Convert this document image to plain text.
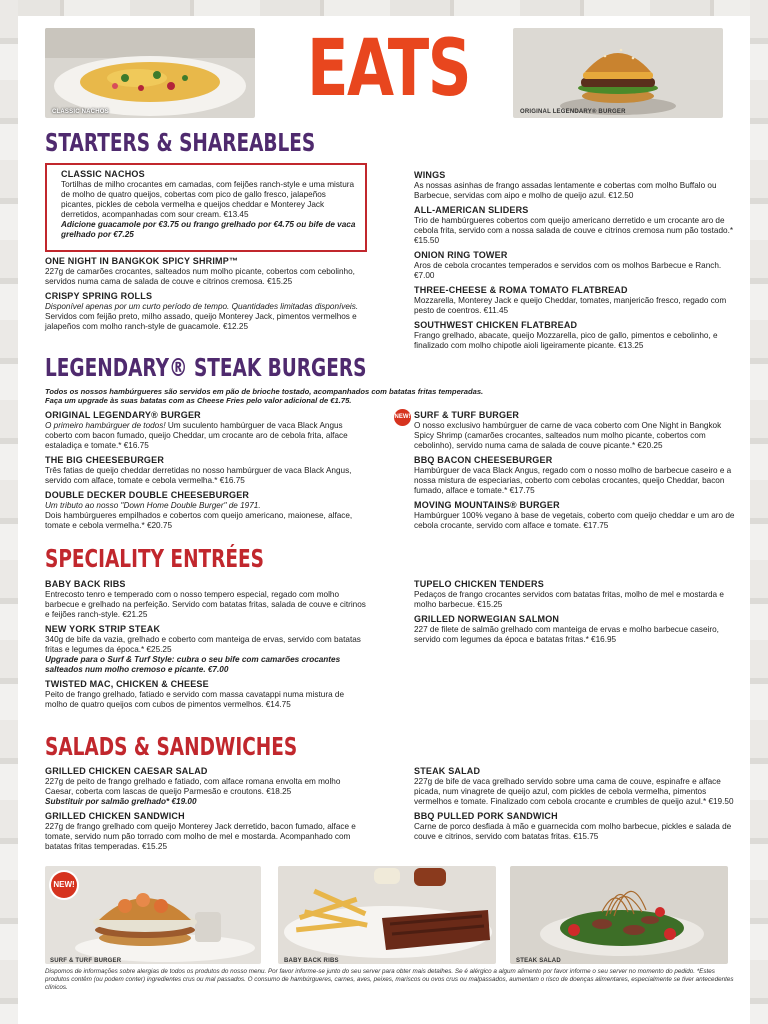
CLASSIC NACHOS	ORIGINAL LEGENDARY® BURGER
EATS
STARTERS & SHAREABLES
CLASSIC NACHOS
Tortilhas de milho crocantes em camadas, com feijões ranch-style e uma mistura de molho de quatro queijos, cobertas com pico de gallo fresco, jalapeños picantes, pickles de cebola vermelha e queijos cheddar e Monterey Jack derretidos, acompanhadas com sour cream. €13.45
Adicione guacamole por €3.75 ou frango grelhado por €4.75 ou bife de vaca grelhado por €7.25
ONE NIGHT IN BANGKOK SPICY SHRIMP™
227g de camarões crocantes, salteados num molho picante, cobertos com cebolinho, servidos numa cama de salada de couve e citrinos cremosa. €15.25
CRISPY SPRING ROLLS
Disponível apenas por um curto período de tempo. Quantidades limitadas disponíveis.
Servidos com feijão preto, milho assado, queijo Monterey Jack, pimentos vermelhos e jalapeños com molho ranch-style de guacamole. €12.25
WINGS
As nossas asinhas de frango assadas lentamente e cobertas com molho Buffalo ou Barbecue, servidas com aipo e molho de queijo azul. €12.50
ALL-AMERICAN SLIDERS
Trio de hambúrgueres cobertos com queijo americano derretido e um crocante aro de cebola frita, servido com a nossa salada de couve e citrinos cremosa num pão tostado.* €15.50
ONION RING TOWER
Aros de cebola crocantes temperados e servidos com os molhos Barbecue e Ranch. €7.00
THREE-CHEESE & ROMA TOMATO FLATBREAD
Mozzarella, Monterey Jack e queijo Cheddar, tomates, manjericão fresco, regado com pesto de coentros. €11.45
SOUTHWEST CHICKEN FLATBREAD
Frango grelhado, abacate, queijo Mozzarella, pico de gallo, pimentos e cebolinho, e finalizado com molho chipotle aioli ligeiramente picante. €13.25
LEGENDARY® STEAK BURGERS
Todos os nossos hambúrgueres são servidos em pão de brioche tostado, acompanhados com batatas fritas temperadas.
Faça um upgrade às suas batatas com as Cheese Fries pelo valor adicional de €1.75.
ORIGINAL LEGENDARY® BURGER
O primeiro hambúrguer de todos! Um suculento hambúrguer de vaca Black Angus coberto com bacon fumado, queijo Cheddar, um crocante aro de cebola frita, alface estaladiça e tomate.* €16.75
THE BIG CHEESEBURGER
Três fatias de queijo cheddar derretidas no nosso hambúrguer de vaca Black Angus, servido com alface, tomate e cebola vermelha.* €16.75
DOUBLE DECKER DOUBLE CHEESEBURGER
Um tributo ao nosso "Down Home Double Burger" de 1971.
Dois hambúrgueres empilhados e cobertos com queijo americano, maionese, alface, tomate e cebola vermelha.* €20.75
NEW! SURF & TURF BURGER
O nosso exclusivo hambúrguer de carne de vaca coberto com One Night in Bangkok Spicy Shrimp (camarões crocantes, salteados num molho picante, cobertos com cebolinho), servido numa cama de salada de couve picante.* €20.25
BBQ BACON CHEESEBURGER
Hambúrguer de vaca Black Angus, regado com o nosso molho de barbecue caseiro e a nossa mistura de especiarias, coberto com cebolas crocantes, queijo Cheddar, bacon fumado, alface e tomate.* €17.75
MOVING MOUNTAINS® BURGER
Hambúrguer 100% vegano à base de vegetais, coberto com queijo cheddar e um aro de cebola crocante, servido com alface e tomate. €17.75
SPECIALITY ENTRÉES
BABY BACK RIBS
Entrecosto tenro e temperado com o nosso tempero especial, regado com molho barbecue e grelhado na perfeição. Servido com batatas fritas, salada de couve e citrinos e feijões ranch-style. €21.25
NEW YORK STRIP STEAK
340g de bife da vazia, grelhado e coberto com manteiga de ervas, servido com batatas fritas e legumes da época.* €25.25
Upgrade para o Surf & Turf Style: cubra o seu bife com camarões crocantes salteados num molho cremoso e picante. €7.00
TWISTED MAC, CHICKEN & CHEESE
Peito de frango grelhado, fatiado e servido com massa cavatappi numa mistura de molho de quatro queijos com cubos de pimentos vermelhos. €14.75
TUPELO CHICKEN TENDERS
Pedaços de frango crocantes servidos com batatas fritas, molho de mel e mostarda e molho barbecue. €15.25
GRILLED NORWEGIAN SALMON
227 de filete de salmão grelhado com manteiga de ervas e molho barbecue caseiro, servido com legumes da época e batatas fritas.* €16.95
SALADS & SANDWICHES
GRILLED CHICKEN CAESAR SALAD
227g de peito de frango grelhado e fatiado, com alface romana envolta em molho Caesar, coberta com lascas de queijo Parmesão e croutons. €18.25
Substituir por salmão grelhado* €19.00
GRILLED CHICKEN SANDWICH
227g de frango grelhado com queijo Monterey Jack derretido, bacon fumado, alface e tomate, servido num pão torrado com molho de mel e mostarda. Acompanhado com batatas fritas temperadas. €15.25
STEAK SALAD
227g de bife de vaca grelhado servido sobre uma cama de couve, espinafre e alface picada, num vinagrete de queijo azul, com pickles de cebola vermelha, pimentos vermelhos e tomate. Finalizado com cebola crocante e crumbles de queijo azul.* €19.50
BBQ PULLED PORK SANDWICH
Carne de porco desfiada à mão e guarnecida com molho barbecue, pickles e salada de couve e citrinos, servido com batatas fritas. €15.75
NEW!
SURF & TURF BURGER	BABY BACK RIBS	STEAK SALAD
Dispomos de informações sobre alergias de todos os produtos do nosso menu. Por favor informe-se junto do seu server para obter mais detalhes. Se é alérgico a algum alimento por favor informe o seu server no momento do pedido. *Estes produtos contêm (ou podem conter) ingredientes crus ou mal passados. O consumo de hambúrgueres, carnes, aves, peixes, mariscos ou ovos crus ou malpassados, aumentam o risco de doenças alimentares, especialmente se tiver antecedentes clínicos.
